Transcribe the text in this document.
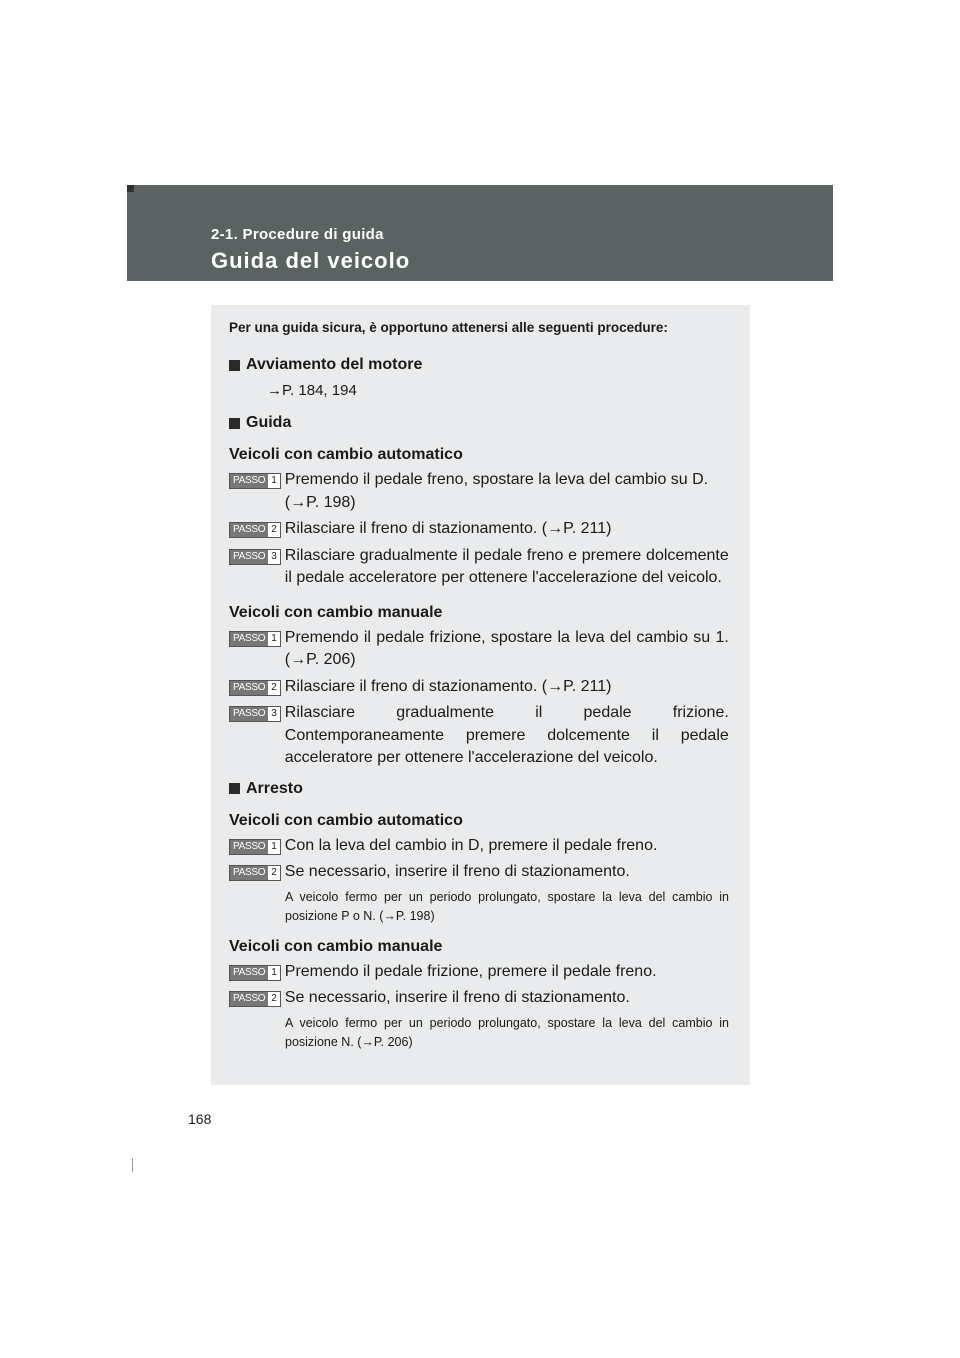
2-1. Procedure di guida
Guida del veicolo

Per una guida sicura, è opportuno attenersi alle seguenti procedure:

Avviamento del motore

→P. 184, 194

Guida

Veicoli con cambio automatico

PASSO 1 Premendo il pedale freno, spostare la leva del cambio su D. (→P. 198)
PASSO 2 Rilasciare il freno di stazionamento. (→P. 211)
PASSO 3 Rilasciare gradualmente il pedale freno e premere dolcemente il pedale acceleratore per ottenere l'accelerazione del veicolo.

Veicoli con cambio manuale

PASSO 1 Premendo il pedale frizione, spostare la leva del cambio su 1. (→P. 206)
PASSO 2 Rilasciare il freno di stazionamento. (→P. 211)
PASSO 3 Rilasciare gradualmente il pedale frizione. Contemporaneamente premere dolcemente il pedale acceleratore per ottenere l'accelerazione del veicolo.

Arresto

Veicoli con cambio automatico

PASSO 1 Con la leva del cambio in D, premere il pedale freno.
PASSO 2 Se necessario, inserire il freno di stazionamento.

A veicolo fermo per un periodo prolungato, spostare la leva del cambio in posizione P o N. (→P. 198)

Veicoli con cambio manuale

PASSO 1 Premendo il pedale frizione, premere il pedale freno.
PASSO 2 Se necessario, inserire il freno di stazionamento.

A veicolo fermo per un periodo prolungato, spostare la leva del cambio in posizione N. (→P. 206)

168
